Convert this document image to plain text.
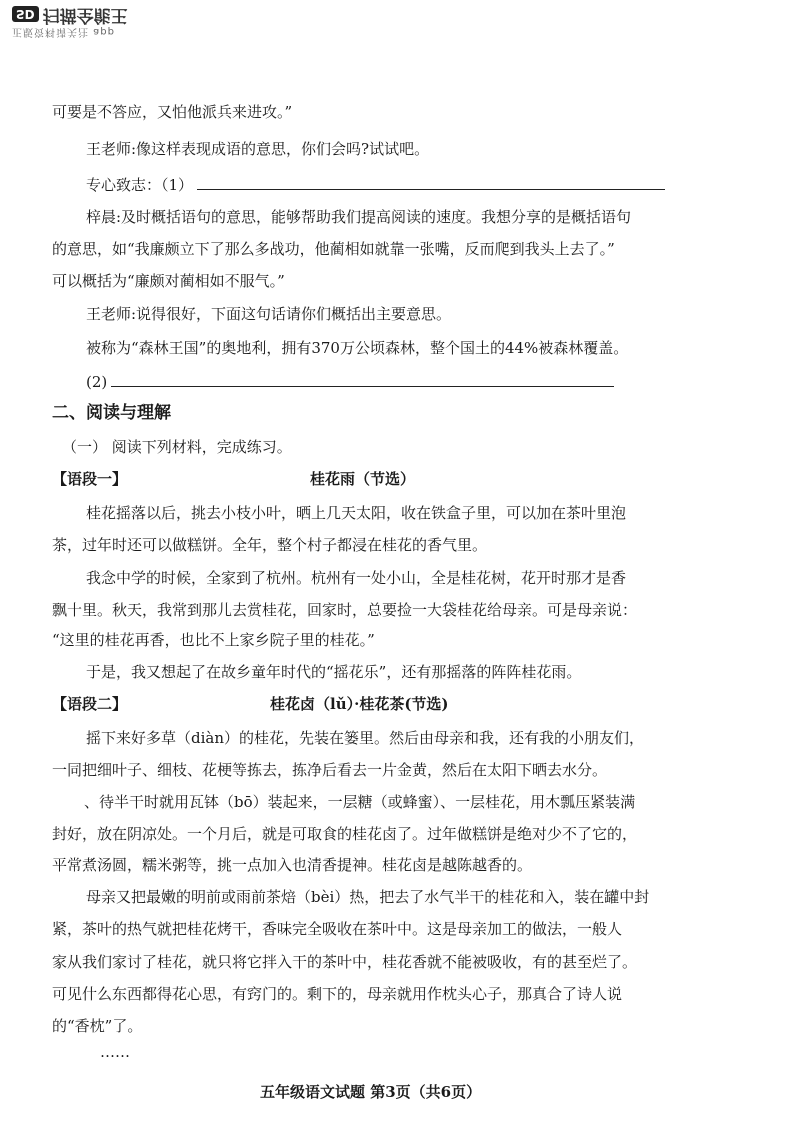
正版资料请关注 app
SD 扫描全能王
可要是不答应，又怕他派兵来进攻。”
王老师:像这样表现成语的意思，你们会吗?试试吧。
专心致志：（1）
梓晨:及时概括语句的意思，能够帮助我们提高阅读的速度。我想分享的是概括语句
的意思，如“我廉颇立下了那么多战功，他蔺相如就靠一张嘴，反而爬到我头上去了。”
可以概括为“廉颇对蔺相如不服气。”
王老师:说得很好，下面这句话请你们概括出主要意思。
被称为“森林王国”的奥地利，拥有370万公顷森林，整个国土的44%被森林覆盖。
(2)
二、阅读与理解
（一） 阅读下列材料，完成练习。
【语段一】	桂花雨（节选）
桂花摇落以后，挑去小枝小叶，晒上几天太阳，收在铁盒子里，可以加在茶叶里泡
茶，过年时还可以做糕饼。全年，整个村子都浸在桂花的香气里。
我念中学的时候，全家到了杭州。杭州有一处小山，全是桂花树，花开时那才是香
飘十里。秋天，我常到那儿去赏桂花，回家时，总要捡一大袋桂花给母亲。可是母亲说：
“这里的桂花再香，也比不上家乡院子里的桂花。”
于是，我又想起了在故乡童年时代的“摇花乐”，还有那摇落的阵阵桂花雨。
【语段二】	桂花卤（lǔ）·桂花茶(节选)
摇下来好多草（diàn）的桂花，先装在篓里。然后由母亲和我，还有我的小朋友们，
一同把细叶子、细枝、花梗等拣去，拣净后看去一片金黄，然后在太阳下晒去水分。
、待半干时就用瓦钵（bō）装起来，一层糖（或蜂蜜）、一层桂花，用木瓢压紧装满
封好，放在阴凉处。一个月后，就是可取食的桂花卤了。过年做糕饼是绝对少不了它的，
平常煮汤圆，糯米粥等，挑一点加入也清香提神。桂花卤是越陈越香的。
母亲又把最嫩的明前或雨前茶焙（bèi）热，把去了水气半干的桂花和入，装在罐中封
紧，茶叶的热气就把桂花烤干，香味完全吸收在茶叶中。这是母亲加工的做法，一般人
家从我们家讨了桂花，就只将它拌入干的茶叶中，桂花香就不能被吸收，有的甚至烂了。
可见什么东西都得花心思，有窍门的。剩下的，母亲就用作枕头心子，那真合了诗人说
的“香枕”了。
……
五年级语文试题 第3页（共6页）
